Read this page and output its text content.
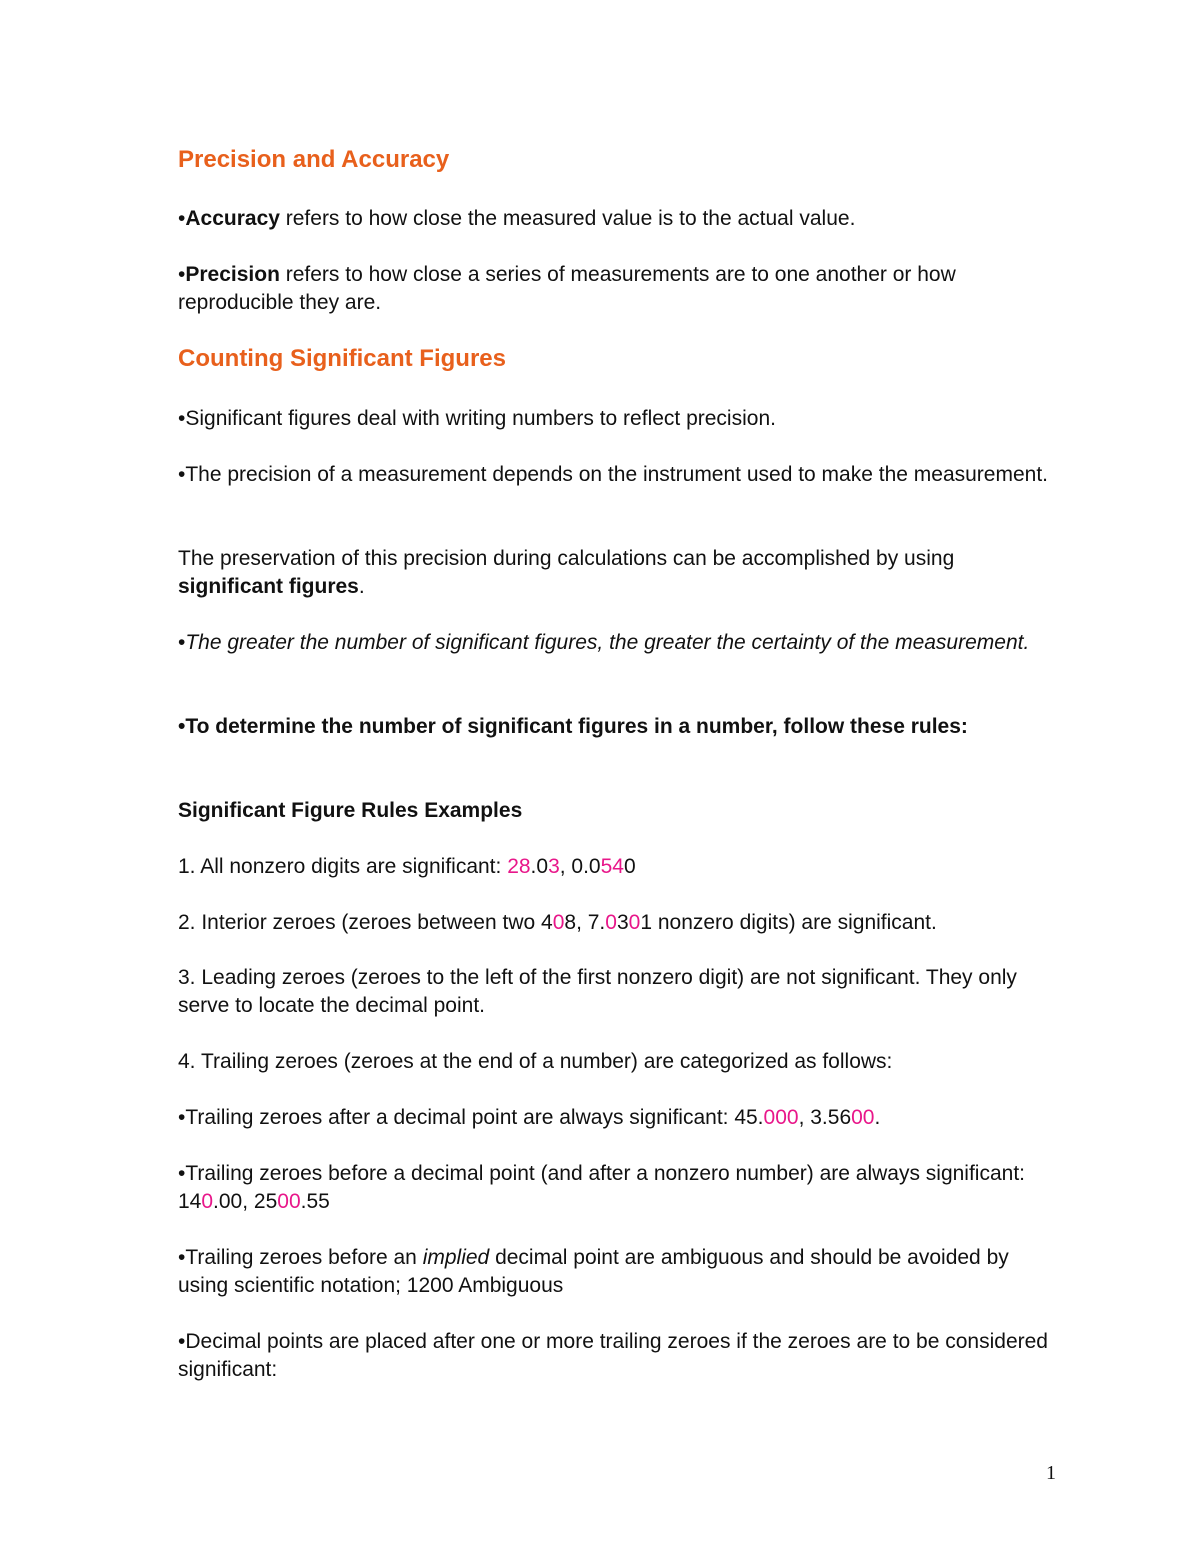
Precision and Accuracy
•Accuracy refers to how close the measured value is to the actual value.
•Precision refers to how close a series of measurements are to one another or how reproducible they are.
Counting Significant Figures
•Significant figures deal with writing numbers to reflect precision.
•The precision of a measurement depends on the instrument used to make the measurement.
The preservation of this precision during calculations can be accomplished by using significant figures.
•The greater the number of significant figures, the greater the certainty of the measurement.
•To determine the number of significant figures in a number, follow these rules:
Significant Figure Rules Examples
1. All nonzero digits are significant: 28.03, 0.0540
2. Interior zeroes (zeroes between two 408, 7.0301 nonzero digits) are significant.
3. Leading zeroes (zeroes to the left of the first nonzero digit) are not significant. They only serve to locate the decimal point.
4. Trailing zeroes (zeroes at the end of a number) are categorized as follows:
•Trailing zeroes after a decimal point are always significant: 45.000, 3.5600.
•Trailing zeroes before a decimal point (and after a nonzero number) are always significant: 140.00, 2500.55
•Trailing zeroes before an implied decimal point are ambiguous and should be avoided by using scientific notation; 1200 Ambiguous
•Decimal points are placed after one or more trailing zeroes if the zeroes are to be considered significant:
1
